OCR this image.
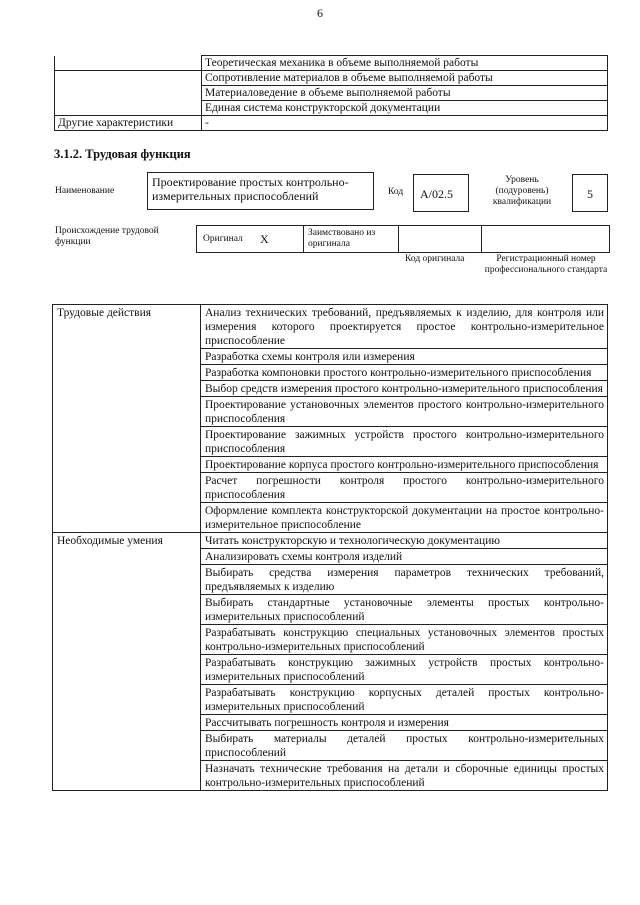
6
	Теоретическая механика в объеме выполняемой работы
	Сопротивление материалов в объеме выполняемой работы
	Материаловедение в объеме выполняемой работы
	Единая система конструкторской документации
Другие характеристики	-
3.1.2. Трудовая функция
Наименование
Проектирование простых контрольно-измерительных приспособлений	Код	А/02.5
Уровень (подуровень) квалификации
5
Происхождение трудовой функции	Оригинал Х	Заимствовано из оригинала
Код оригинала	Регистрационный номер профессионального стандарта
Трудовые действия	Анализ технических требований, предъявляемых к изделию, для контроля или измерения которого проектируется простое контрольно-измерительное приспособление
	Разработка схемы контроля или измерения
	Разработка компоновки простого контрольно-измерительного приспособления
	Выбор средств измерения простого контрольно-измерительного приспособления
	Проектирование установочных элементов простого контрольно-измерительного приспособления
	Проектирование зажимных устройств простого контрольно-измерительного приспособления
	Проектирование корпуса простого контрольно-измерительного приспособления
	Расчет погрешности контроля простого контрольно-измерительного приспособления
	Оформление комплекта конструкторской документации на простое контрольно-измерительное приспособление
Необходимые умения	Читать конструкторскую и технологическую документацию
	Анализировать схемы контроля изделий
	Выбирать средства измерения параметров технических требований, предъявляемых к изделию
	Выбирать стандартные установочные элементы простых контрольно-измерительных приспособлений
	Разрабатывать конструкцию специальных установочных элементов простых контрольно-измерительных приспособлений
	Разрабатывать конструкцию зажимных устройств простых контрольно-измерительных приспособлений
	Разрабатывать конструкцию корпусных деталей простых контрольно-измерительных приспособлений
	Рассчитывать погрешность контроля и измерения
	Выбирать материалы деталей простых контрольно-измерительных приспособлений
	Назначать технические требования на детали и сборочные единицы простых контрольно-измерительных приспособлений
